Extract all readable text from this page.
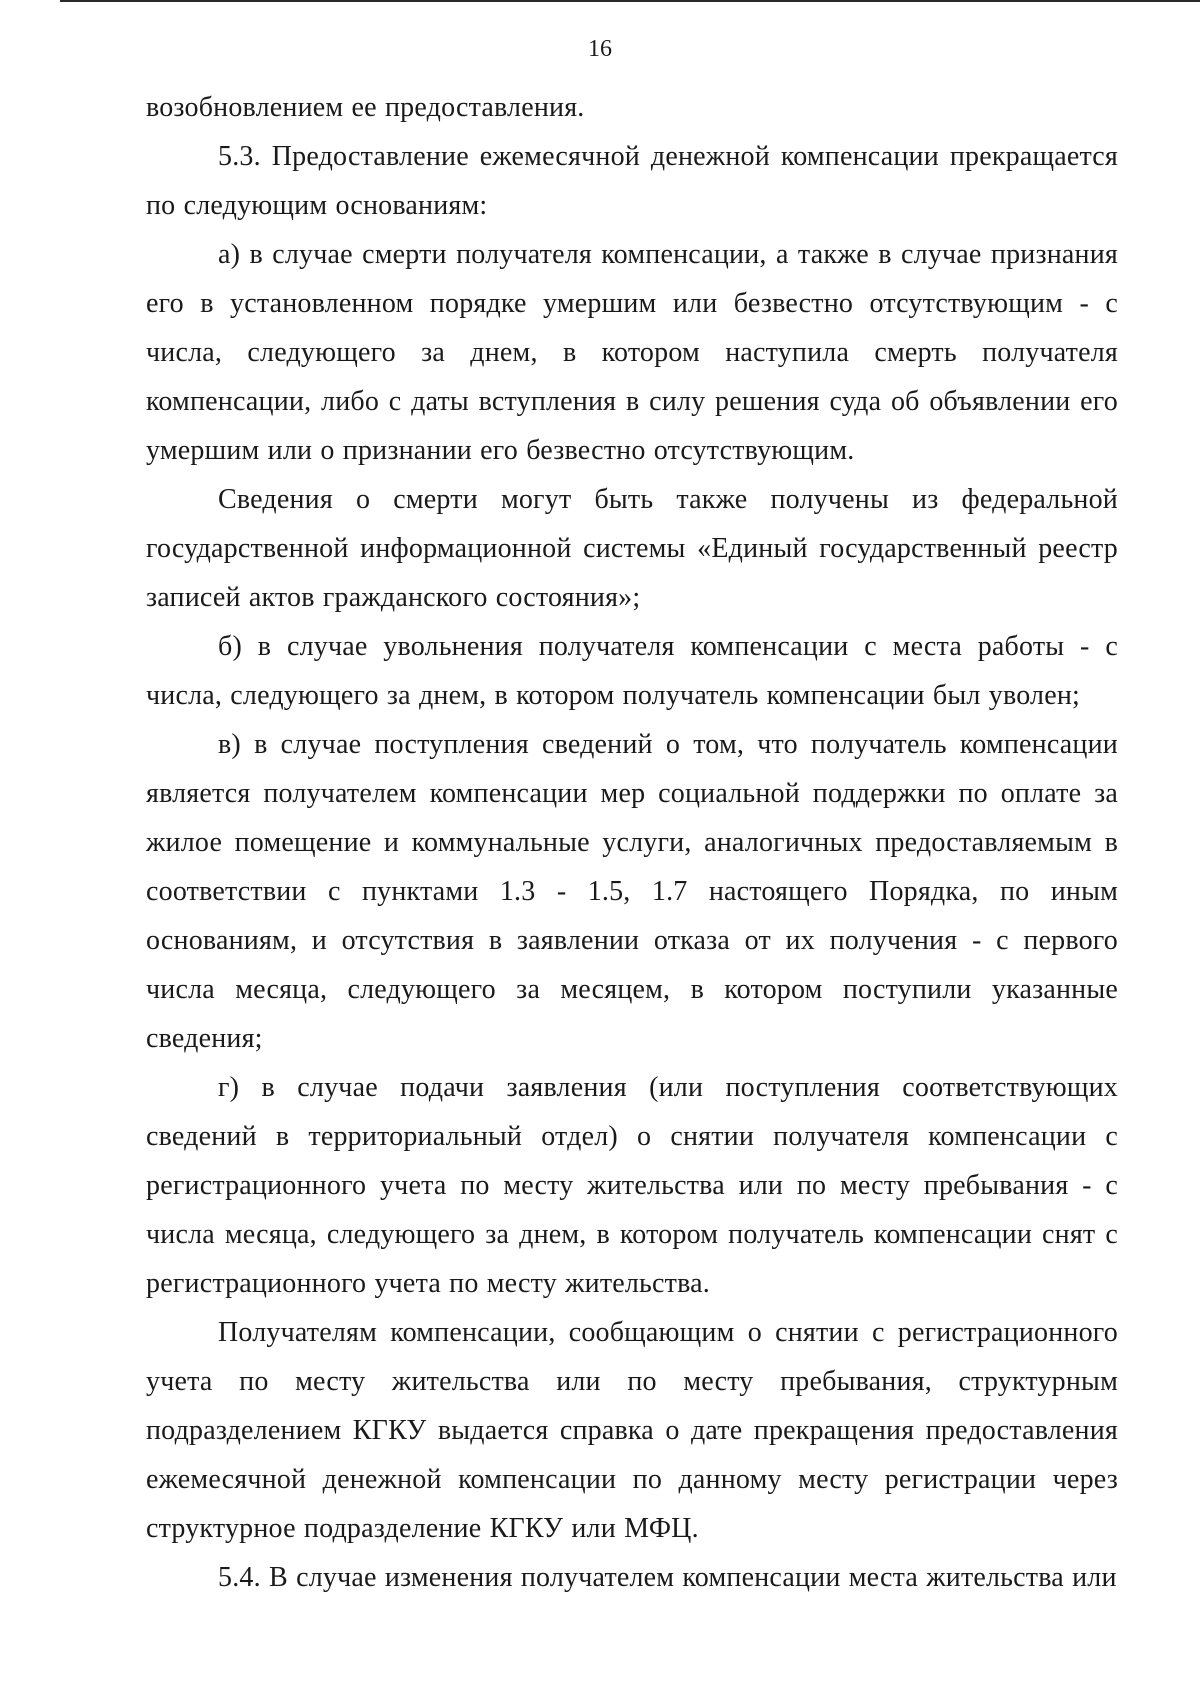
16

возобновлением ее предоставления.

5.3. Предоставление ежемесячной денежной компенсации прекращается по следующим основаниям:

а) в случае смерти получателя компенсации, а также в случае признания его в установленном порядке умершим или безвестно отсутствующим - с числа, следующего за днем, в котором наступила смерть получателя компенсации, либо с даты вступления в силу решения суда об объявлении его умершим или о признании его безвестно отсутствующим.

Сведения о смерти могут быть также получены из федеральной государственной информационной системы «Единый государственный реестр записей актов гражданского состояния»;

б) в случае увольнения получателя компенсации с места работы - с числа, следующего за днем, в котором получатель компенсации был уволен;

в) в случае поступления сведений о том, что получатель компенсации является получателем компенсации мер социальной поддержки по оплате за жилое помещение и коммунальные услуги, аналогичных предоставляемым в соответствии с пунктами 1.3 - 1.5, 1.7 настоящего Порядка, по иным основаниям, и отсутствия в заявлении отказа от их получения - с первого числа месяца, следующего за месяцем, в котором поступили указанные сведения;

г) в случае подачи заявления (или поступления соответствующих сведений в территориальный отдел) о снятии получателя компенсации с регистрационного учета по месту жительства или по месту пребывания - с числа месяца, следующего за днем, в котором получатель компенсации снят с регистрационного учета по месту жительства.

Получателям компенсации, сообщающим о снятии с регистрационного учета по месту жительства или по месту пребывания, структурным подразделением КГКУ выдается справка о дате прекращения предоставления ежемесячной денежной компенсации по данному месту регистрации через структурное подразделение КГКУ или МФЦ.

5.4. В случае изменения получателем компенсации места жительства или
